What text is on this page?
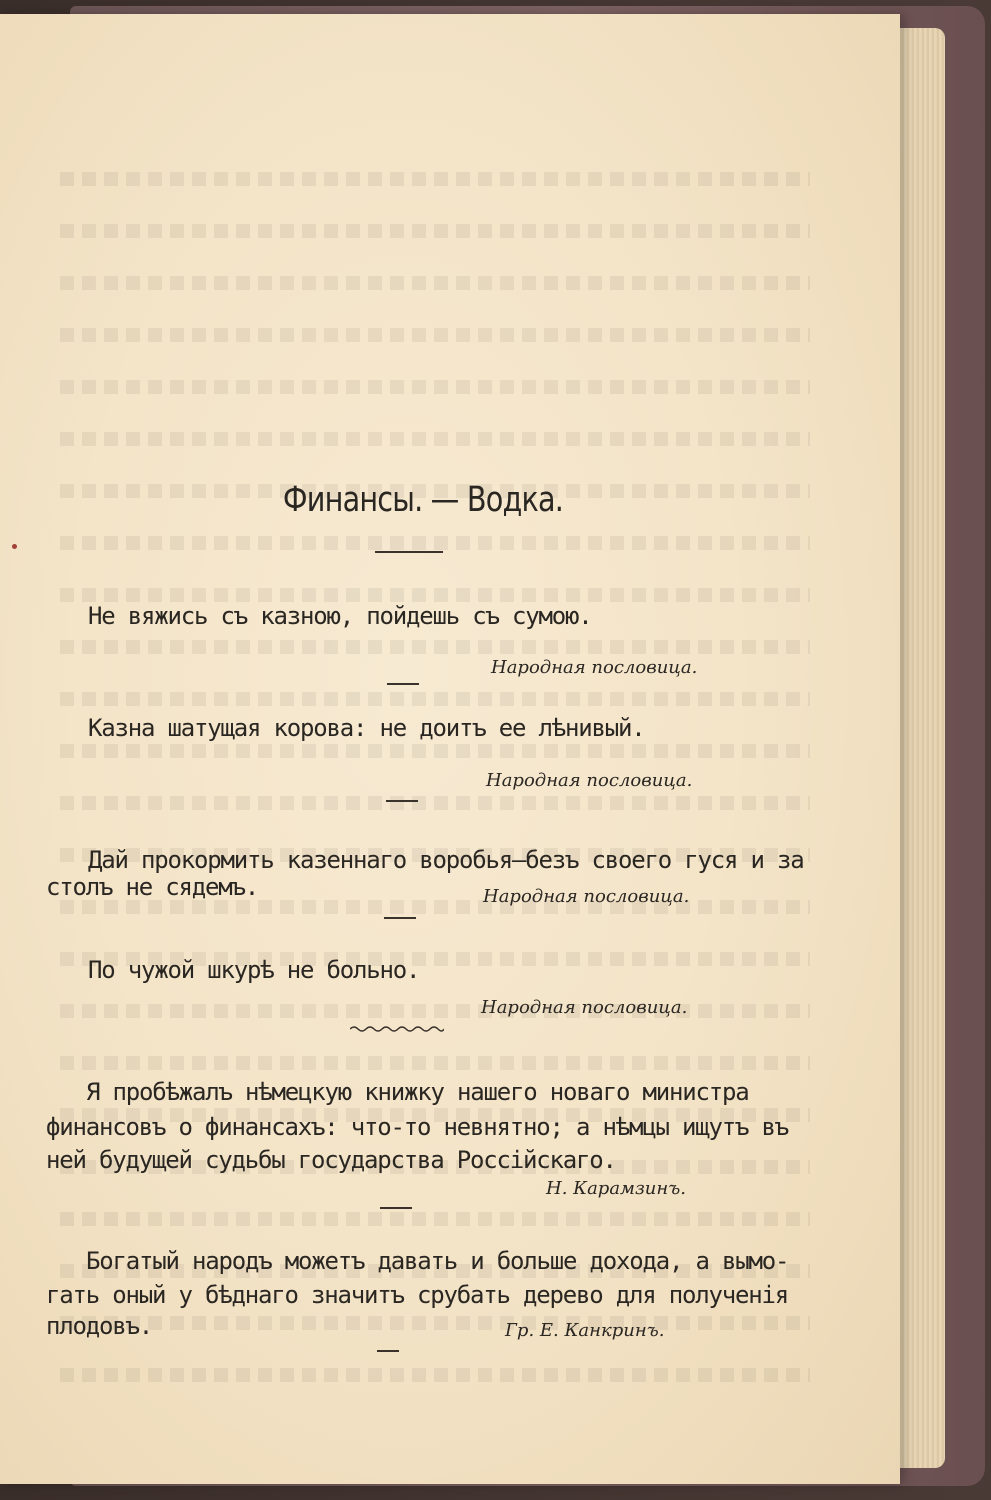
Финансы. — Водка.
Не вяжись съ казною, пойдешь съ сумою.
Народная пословица.
Казна шатущая корова: не доитъ ее лѣнивый.
Народная пословица.
Дай прокормить казеннаго воробья—безъ своего гуся и за
столъ не сядемъ.	Народная пословица.
По чужой шкурѣ не больно.
Народная пословица.
Я пробѣжалъ нѣмецкую книжку нашего новаго министра
финансовъ о финансахъ: что-то невнятно; а нѣмцы ищутъ въ
ней будущей судьбы государства Россійскаго.
Н. Карамзинъ.
Богатый народъ можетъ давать и больше дохода, а вымо-
гать оный у бѣднаго значитъ срубать дерево для полученія
плодовъ.	Гр. Е. Канкринъ.
